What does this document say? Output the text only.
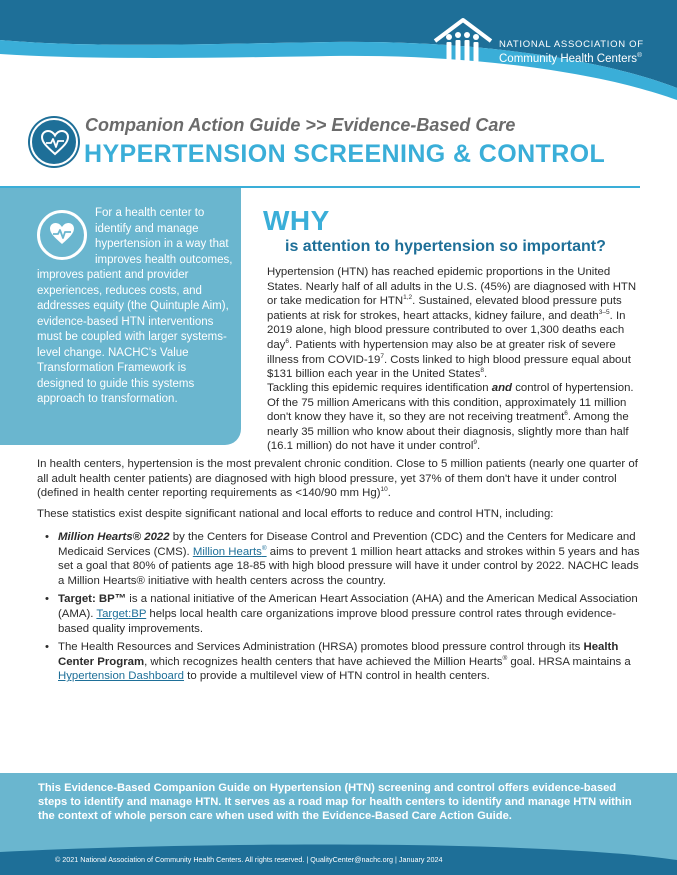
NATIONAL ASSOCIATION OF
Community Health Centers®
Companion Action Guide >> Evidence-Based Care
HYPERTENSION SCREENING & CONTROL
For a health center to identify and manage hypertension in a way that improves health outcomes, improves patient and provider experiences, reduces costs, and addresses equity (the Quintuple Aim), evidence-based HTN interventions must be coupled with larger systems-level change. NACHC's Value Transformation Framework is designed to guide this systems approach to transformation.
WHY
is attention to hypertension so important?

Hypertension (HTN) has reached epidemic proportions in the United States. Nearly half of all adults in the U.S. (45%) are diagnosed with HTN or take medication for HTN$^{1,2}$. Sustained, elevated blood pressure puts patients at risk for strokes, heart attacks, kidney failure, and death$^{3-5}$. In 2019 alone, high blood pressure contributed to over 1,300 deaths each day$^6$. Patients with hypertension may also be at greater risk of severe illness from COVID-$19^7$. Costs linked to high blood pressure equal about $131 billion each year in the United States$^8$.

Tackling this epidemic requires identification and control of hypertension. Of the 75 million Americans with this condition, approximately 11 million don't know they have it, so they are not receiving treatment$^6$. Among the nearly 35 million who know about their diagnosis, slightly more than half (16.1 million) do not have it under control$^9$.

In health centers, hypertension is the most prevalent chronic condition. Close to 5 million patients (nearly one quarter of all adult health center patients) are diagnosed with high blood pressure, yet 37% of them don't have it under control (defined in health center reporting requirements as <140/90 mm Hg)$^{10}$.

These statistics exist despite significant national and local efforts to reduce and control HTN, including:

• Million Hearts® 2022 by the Centers for Disease Control and Prevention (CDC) and the Centers for Medicare and Medicaid Services (CMS). Million Hearts® aims to prevent 1 million heart attacks and strokes within 5 years and has set a goal that 80% of patients age 18-85 with high blood pressure will have it under control by 2022. NACHC leads a Million Hearts® initiative with health centers across the country.
• Target: BP™ is a national initiative of the American Heart Association (AHA) and the American Medical Association (AMA). Target:BP helps local health care organizations improve blood pressure control rates through evidence-based quality improvements.
• The Health Resources and Services Administration (HRSA) promotes blood pressure control through its Health Center Program, which recognizes health centers that have achieved the Million Hearts® goal. HRSA maintains a Hypertension Dashboard to provide a multilevel view of HTN control in health centers.
This Evidence-Based Companion Guide on Hypertension (HTN) screening and control offers evidence-based steps to identify and manage HTN. It serves as a road map for health centers to identify and manage HTN within the context of whole person care when used with the Evidence-Based Care Action Guide.
© 2021 National Association of Community Health Centers. All rights reserved. | QualityCenter@nachc.org | January 2024
